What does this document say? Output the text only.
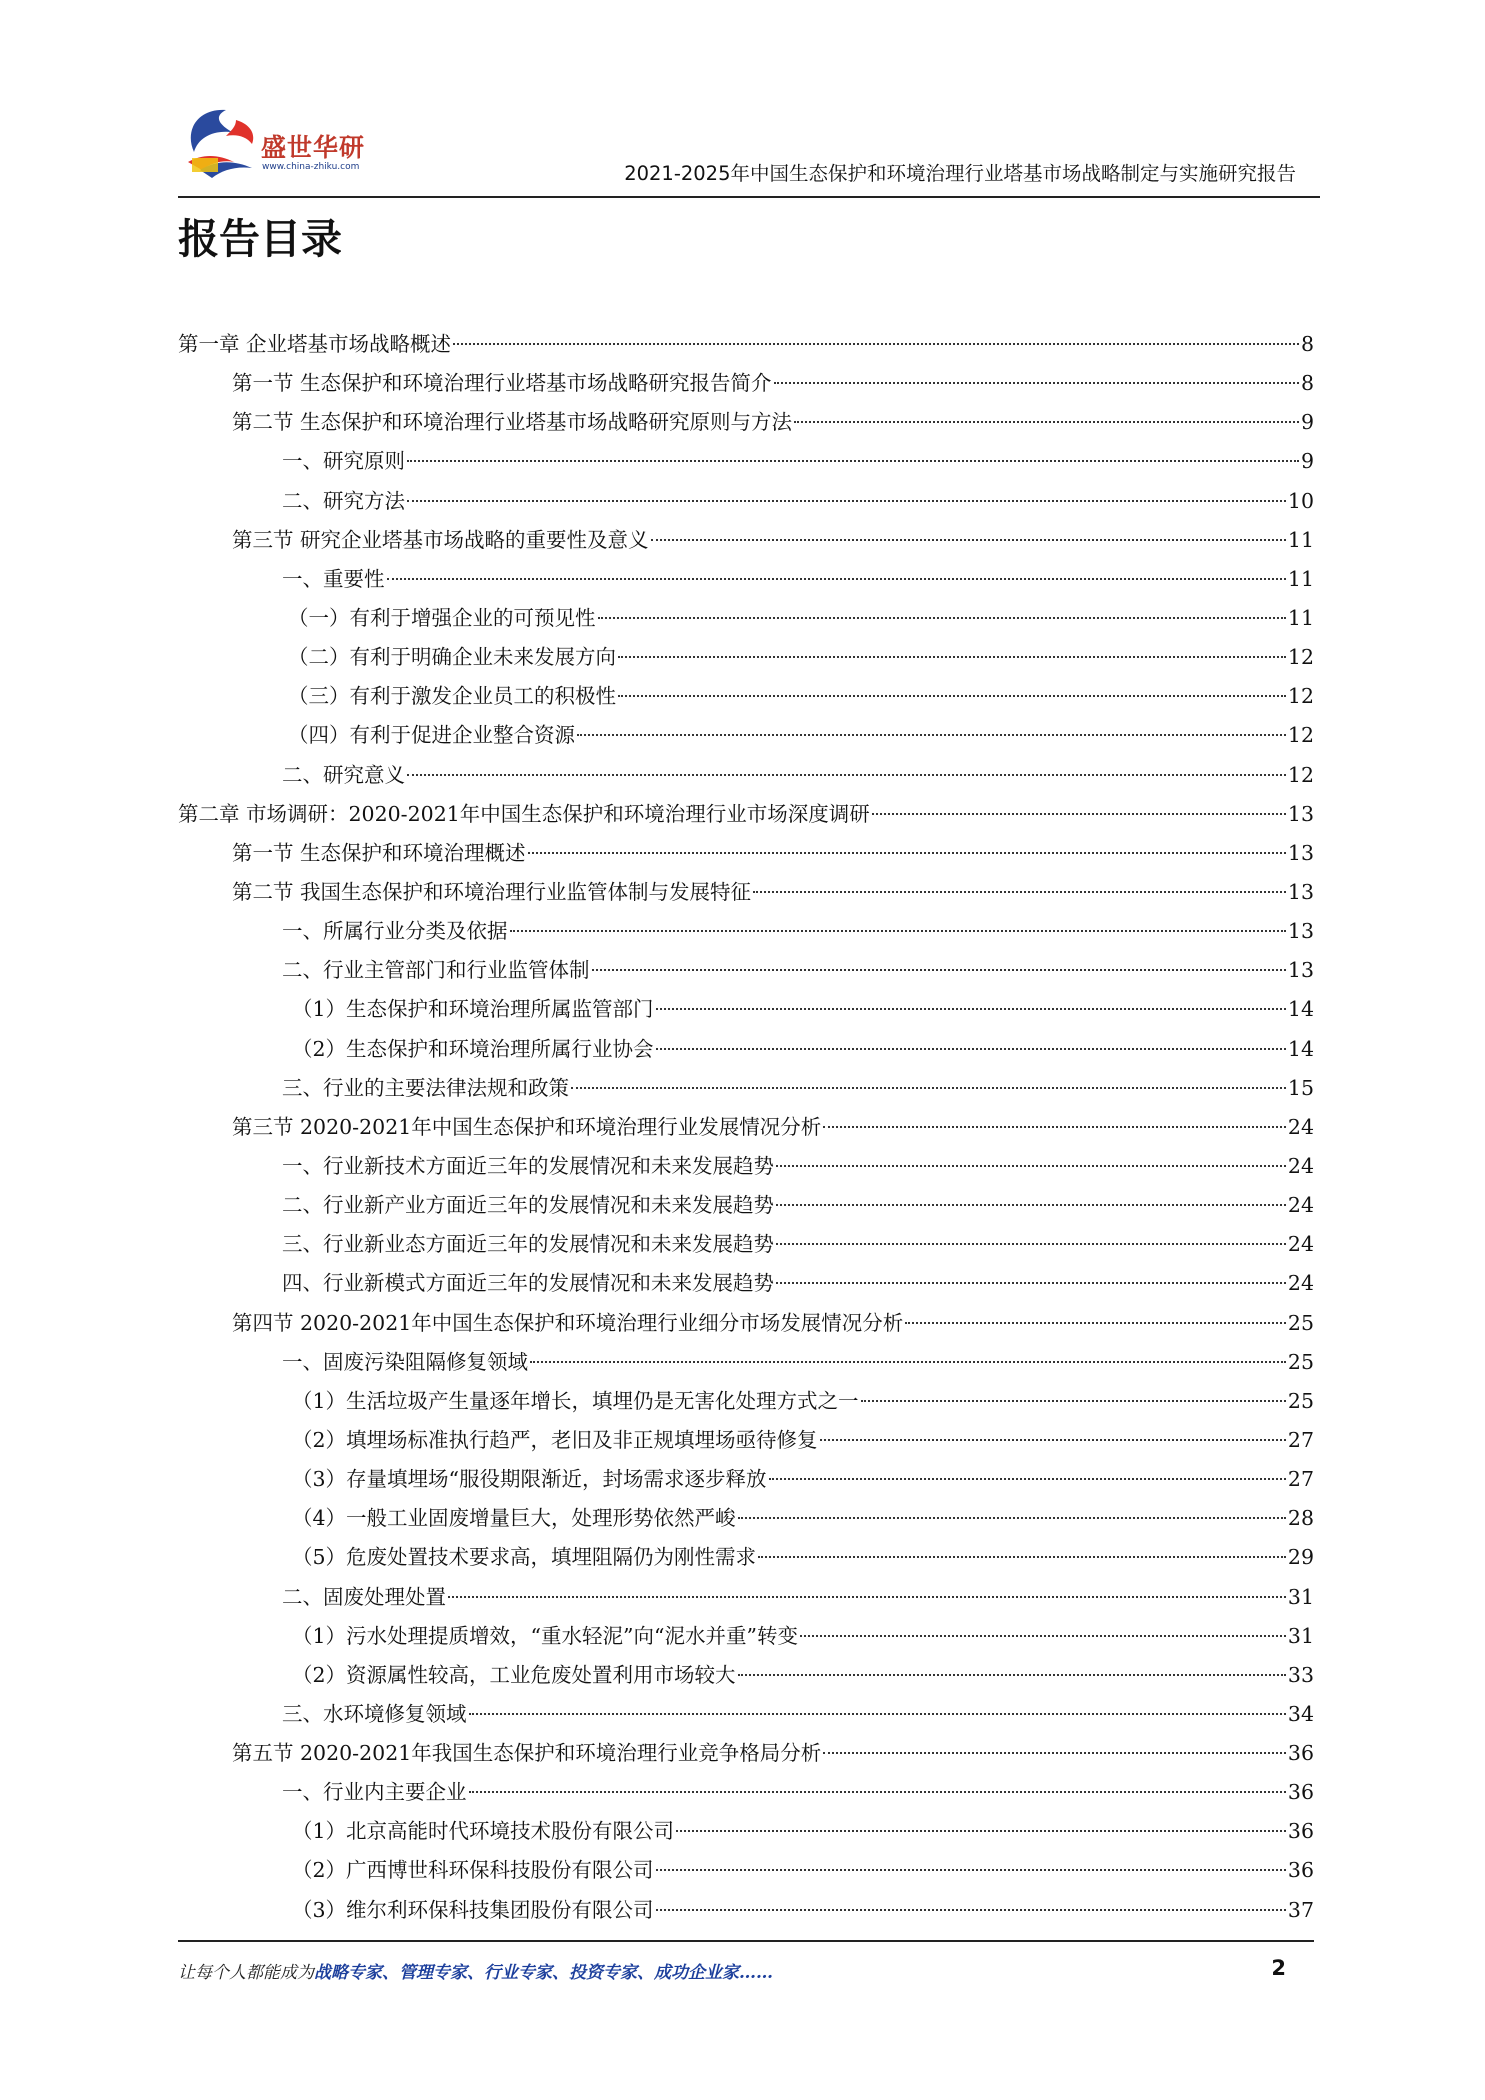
盛世华研
www.china-zhiku.com	2021-2025年中国生态保护和环境治理行业塔基市场战略制定与实施研究报告
报告目录
第一章 企业塔基市场战略概述	8
第一节 生态保护和环境治理行业塔基市场战略研究报告简介	8
第二节 生态保护和环境治理行业塔基市场战略研究原则与方法	9
一、研究原则	9
二、研究方法	10
第三节 研究企业塔基市场战略的重要性及意义	11
一、重要性	11
（一）有利于增强企业的可预见性	11
（二）有利于明确企业未来发展方向	12
（三）有利于激发企业员工的积极性	12
（四）有利于促进企业整合资源	12
二、研究意义	12
第二章 市场调研：2020-2021年中国生态保护和环境治理行业市场深度调研	13
第一节 生态保护和环境治理概述	13
第二节 我国生态保护和环境治理行业监管体制与发展特征	13
一、所属行业分类及依据	13
二、行业主管部门和行业监管体制	13
（1）生态保护和环境治理所属监管部门	14
（2）生态保护和环境治理所属行业协会	14
三、行业的主要法律法规和政策	15
第三节 2020-2021年中国生态保护和环境治理行业发展情况分析	24
一、行业新技术方面近三年的发展情况和未来发展趋势	24
二、行业新产业方面近三年的发展情况和未来发展趋势	24
三、行业新业态方面近三年的发展情况和未来发展趋势	24
四、行业新模式方面近三年的发展情况和未来发展趋势	24
第四节 2020-2021年中国生态保护和环境治理行业细分市场发展情况分析	25
一、固废污染阻隔修复领域	25
（1）生活垃圾产生量逐年增长，填埋仍是无害化处理方式之一	25
（2）填埋场标准执行趋严，老旧及非正规填埋场亟待修复	27
（3）存量填埋场“服役期限渐近，封场需求逐步释放	27
（4）一般工业固废增量巨大，处理形势依然严峻	28
（5）危废处置技术要求高，填埋阻隔仍为刚性需求	29
二、固废处理处置	31
（1）污水处理提质增效，“重水轻泥”向“泥水并重”转变	31
（2）资源属性较高，工业危废处置利用市场较大	33
三、水环境修复领域	34
第五节 2020-2021年我国生态保护和环境治理行业竞争格局分析	36
一、行业内主要企业	36
（1）北京高能时代环境技术股份有限公司	36
（2）广西博世科环保科技股份有限公司	36
（3）维尔利环保科技集团股份有限公司	37
让每个人都能成为战略专家、管理专家、行业专家、投资专家、成功企业家……	2
